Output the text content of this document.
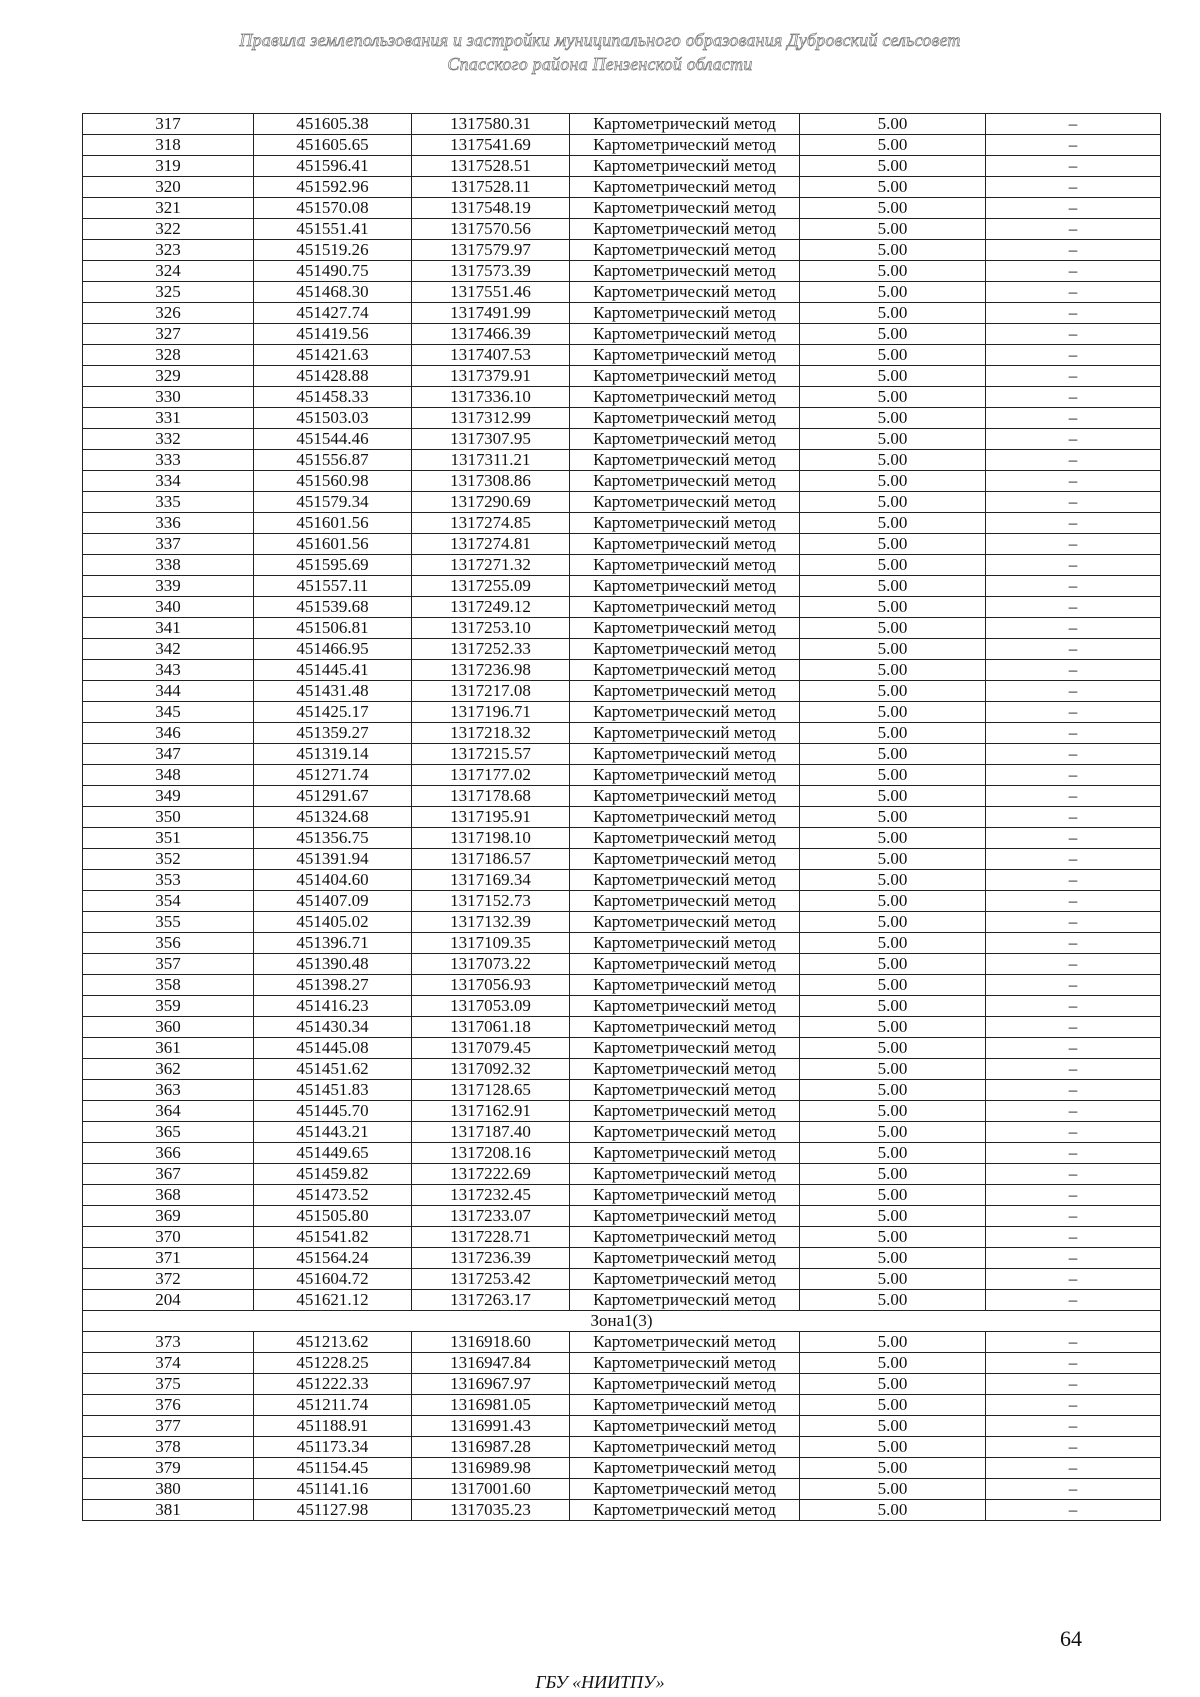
Правила землепользования и застройки муниципального образования Дубровский сельсовет
Спасского района Пензенской области
317	451605.38	1317580.31	Картометрический метод	5.00	–
318	451605.65	1317541.69	Картометрический метод	5.00	–
319	451596.41	1317528.51	Картометрический метод	5.00	–
320	451592.96	1317528.11	Картометрический метод	5.00	–
321	451570.08	1317548.19	Картометрический метод	5.00	–
322	451551.41	1317570.56	Картометрический метод	5.00	–
323	451519.26	1317579.97	Картометрический метод	5.00	–
324	451490.75	1317573.39	Картометрический метод	5.00	–
325	451468.30	1317551.46	Картометрический метод	5.00	–
326	451427.74	1317491.99	Картометрический метод	5.00	–
327	451419.56	1317466.39	Картометрический метод	5.00	–
328	451421.63	1317407.53	Картометрический метод	5.00	–
329	451428.88	1317379.91	Картометрический метод	5.00	–
330	451458.33	1317336.10	Картометрический метод	5.00	–
331	451503.03	1317312.99	Картометрический метод	5.00	–
332	451544.46	1317307.95	Картометрический метод	5.00	–
333	451556.87	1317311.21	Картометрический метод	5.00	–
334	451560.98	1317308.86	Картометрический метод	5.00	–
335	451579.34	1317290.69	Картометрический метод	5.00	–
336	451601.56	1317274.85	Картометрический метод	5.00	–
337	451601.56	1317274.81	Картометрический метод	5.00	–
338	451595.69	1317271.32	Картометрический метод	5.00	–
339	451557.11	1317255.09	Картометрический метод	5.00	–
340	451539.68	1317249.12	Картометрический метод	5.00	–
341	451506.81	1317253.10	Картометрический метод	5.00	–
342	451466.95	1317252.33	Картометрический метод	5.00	–
343	451445.41	1317236.98	Картометрический метод	5.00	–
344	451431.48	1317217.08	Картометрический метод	5.00	–
345	451425.17	1317196.71	Картометрический метод	5.00	–
346	451359.27	1317218.32	Картометрический метод	5.00	–
347	451319.14	1317215.57	Картометрический метод	5.00	–
348	451271.74	1317177.02	Картометрический метод	5.00	–
349	451291.67	1317178.68	Картометрический метод	5.00	–
350	451324.68	1317195.91	Картометрический метод	5.00	–
351	451356.75	1317198.10	Картометрический метод	5.00	–
352	451391.94	1317186.57	Картометрический метод	5.00	–
353	451404.60	1317169.34	Картометрический метод	5.00	–
354	451407.09	1317152.73	Картометрический метод	5.00	–
355	451405.02	1317132.39	Картометрический метод	5.00	–
356	451396.71	1317109.35	Картометрический метод	5.00	–
357	451390.48	1317073.22	Картометрический метод	5.00	–
358	451398.27	1317056.93	Картометрический метод	5.00	–
359	451416.23	1317053.09	Картометрический метод	5.00	–
360	451430.34	1317061.18	Картометрический метод	5.00	–
361	451445.08	1317079.45	Картометрический метод	5.00	–
362	451451.62	1317092.32	Картометрический метод	5.00	–
363	451451.83	1317128.65	Картометрический метод	5.00	–
364	451445.70	1317162.91	Картометрический метод	5.00	–
365	451443.21	1317187.40	Картометрический метод	5.00	–
366	451449.65	1317208.16	Картометрический метод	5.00	–
367	451459.82	1317222.69	Картометрический метод	5.00	–
368	451473.52	1317232.45	Картометрический метод	5.00	–
369	451505.80	1317233.07	Картометрический метод	5.00	–
370	451541.82	1317228.71	Картометрический метод	5.00	–
371	451564.24	1317236.39	Картометрический метод	5.00	–
372	451604.72	1317253.42	Картометрический метод	5.00	–
204	451621.12	1317263.17	Картометрический метод	5.00	–
Зона1(3)					
373	451213.62	1316918.60	Картометрический метод	5.00	–
374	451228.25	1316947.84	Картометрический метод	5.00	–
375	451222.33	1316967.97	Картометрический метод	5.00	–
376	451211.74	1316981.05	Картометрический метод	5.00	–
377	451188.91	1316991.43	Картометрический метод	5.00	–
378	451173.34	1316987.28	Картометрический метод	5.00	–
379	451154.45	1316989.98	Картометрический метод	5.00	–
380	451141.16	1317001.60	Картометрический метод	5.00	–
381	451127.98	1317035.23	Картометрический метод	5.00	–
64
ГБУ «НИИТПУ»
